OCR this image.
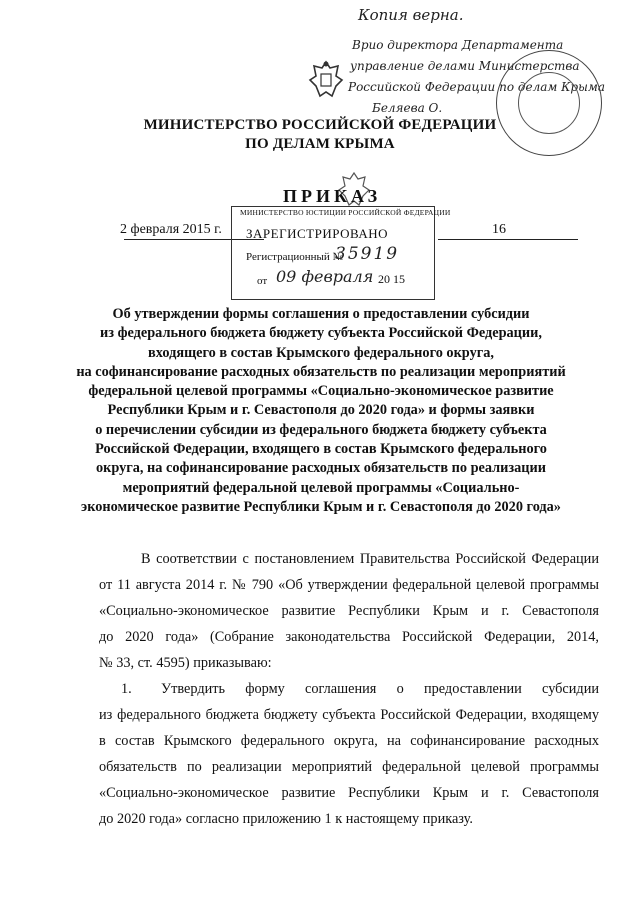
Копия верна.
Врио директора Департамента
управление делами Министерства
Российской Федерации по делам Крыма
Беляева О.
МИНИСТЕРСТВО РОССИЙСКОЙ ФЕДЕРАЦИИ
ПО ДЕЛАМ КРЫМА
ПРИКАЗ
2 февраля 2015 г.	16
МИНИСТЕРСТВО ЮСТИЦИИ РОССИЙСКОЙ ФЕДЕРАЦИИ
ЗАРЕГИСТРИРОВАНО
Регистрационный №
35919
от 09 февраля 20 15
Об утверждении формы соглашения о предоставлении субсидии
из федерального бюджета бюджету субъекта Российской Федерации,
входящего в состав Крымского федерального округа,
на софинансирование расходных обязательств по реализации мероприятий
федеральной целевой программы «Социально-экономическое развитие
Республики Крым и г. Севастополя до 2020 года» и формы заявки
о перечислении субсидии из федерального бюджета бюджету субъекта
Российской Федерации, входящего в состав Крымского федерального
округа, на софинансирование расходных обязательств по реализации
мероприятий федеральной целевой программы «Социально-
экономическое развитие Республики Крым и г. Севастополя до 2020 года»
В соответствии с постановлением Правительства Российской Федерации
от 11 августа 2014 г. № 790 «Об утверждении федеральной целевой программы
«Социально-экономическое развитие Республики Крым и г. Севастополя
до 2020 года» (Собрание законодательства Российской Федерации, 2014,
№ 33, ст. 4595) приказываю:
1. Утвердить форму соглашения о предоставлении субсидии
из федерального бюджета бюджету субъекта Российской Федерации, входящему
в состав Крымского федерального округа, на софинансирование расходных
обязательств по реализации мероприятий федеральной целевой программы
«Социально-экономическое развитие Республики Крым и г. Севастополя
до 2020 года» согласно приложению 1 к настоящему приказу.
